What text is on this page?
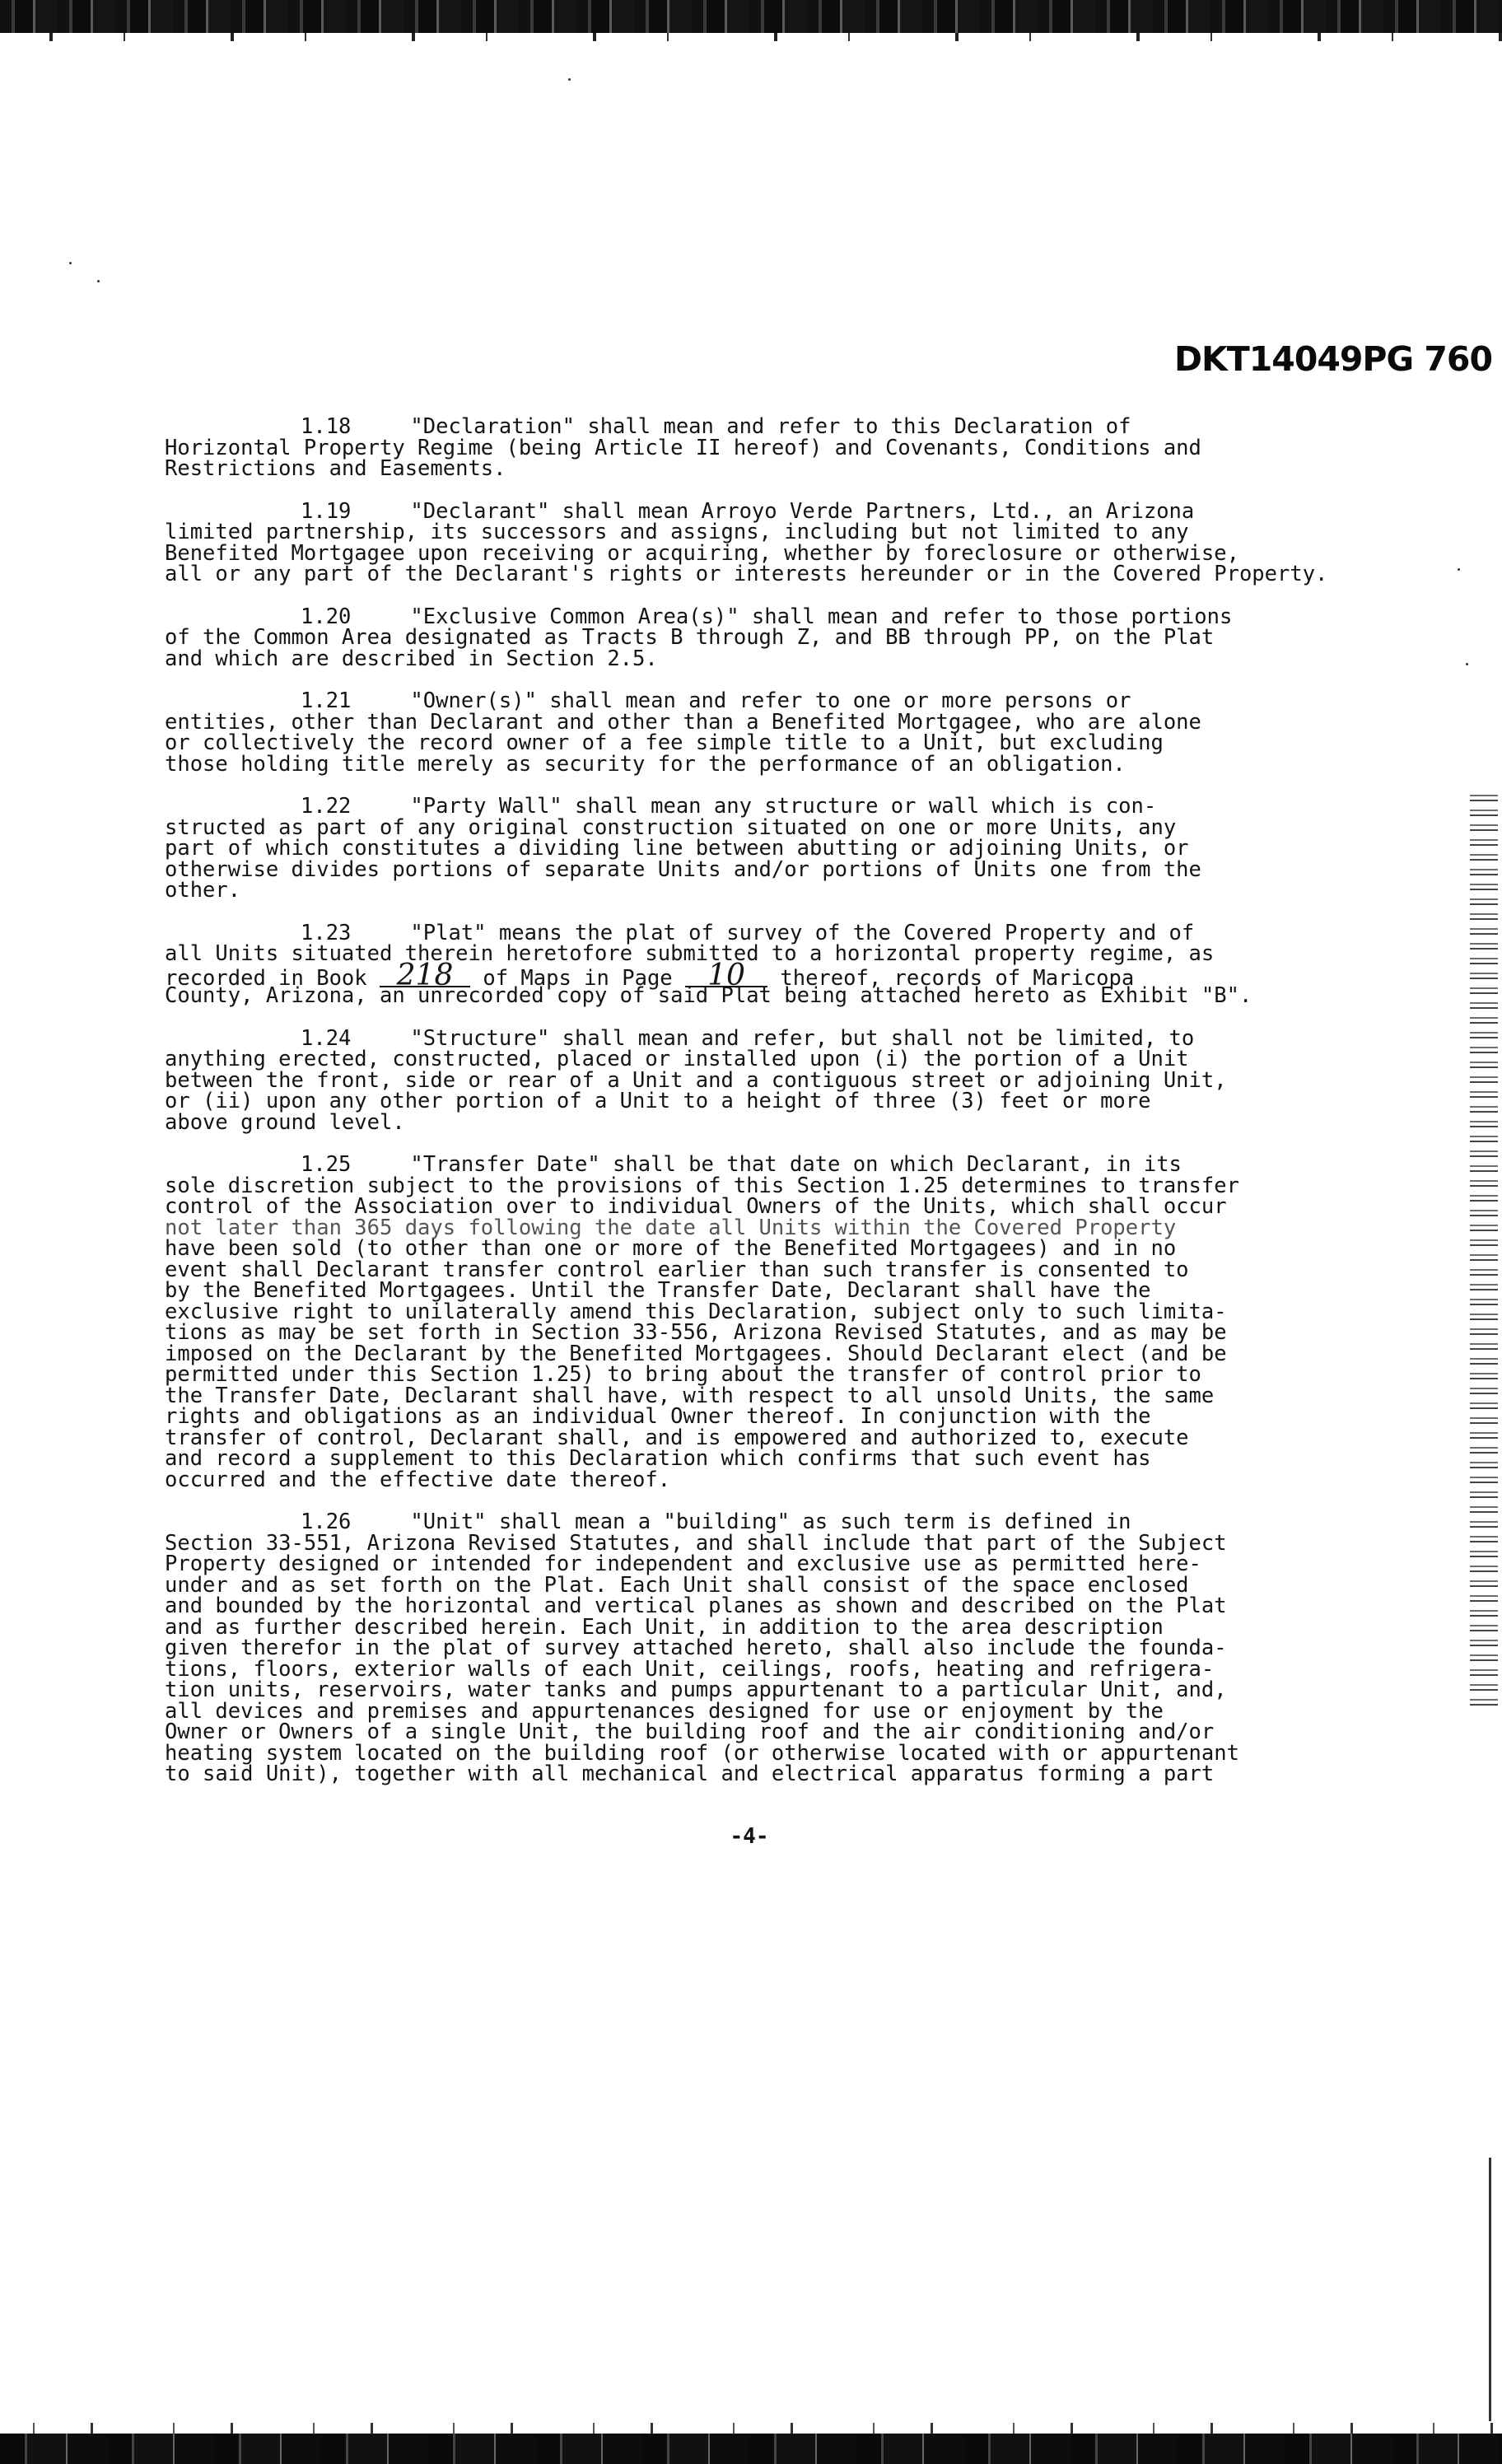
DKT14049PG 760
1.18	"Declaration" shall mean and refer to this Declaration of
Horizontal Property Regime (being Article II hereof) and Covenants, Conditions and
Restrictions and Easements.
1.19	"Declarant" shall mean Arroyo Verde Partners, Ltd., an Arizona
limited partnership, its successors and assigns, including but not limited to any
Benefited Mortgagee upon receiving or acquiring, whether by foreclosure or otherwise,
all or any part of the Declarant's rights or interests hereunder or in the Covered Property.
1.20	"Exclusive Common Area(s)" shall mean and refer to those portions
of the Common Area designated as Tracts B through Z, and BB through PP, on the Plat
and which are described in Section 2.5.
1.21	"Owner(s)" shall mean and refer to one or more persons or
entities, other than Declarant and other than a Benefited Mortgagee, who are alone
or collectively the record owner of a fee simple title to a Unit, but excluding
those holding title merely as security for the performance of an obligation.
1.22	"Party Wall" shall mean any structure or wall which is con-
structed as part of any original construction situated on one or more Units, any
part of which constitutes a dividing line between abutting or adjoining Units, or
otherwise divides portions of separate Units and/or portions of Units one from the
other.
1.23	"Plat" means the plat of survey of the Covered Property and of
all Units situated therein heretofore submitted to a horizontal property regime, as
recorded in Book 218 of Maps in Page 10 thereof, records of Maricopa
County, Arizona, an unrecorded copy of said Plat being attached hereto as Exhibit "B".
1.24	"Structure" shall mean and refer, but shall not be limited, to
anything erected, constructed, placed or installed upon (i) the portion of a Unit
between the front, side or rear of a Unit and a contiguous street or adjoining Unit,
or (ii) upon any other portion of a Unit to a height of three (3) feet or more
above ground level.
1.25	"Transfer Date" shall be that date on which Declarant, in its
sole discretion subject to the provisions of this Section 1.25 determines to transfer
control of the Association over to individual Owners of the Units, which shall occur
not later than 365 days following the date all Units within the Covered Property
have been sold (to other than one or more of the Benefited Mortgagees) and in no
event shall Declarant transfer control earlier than such transfer is consented to
by the Benefited Mortgagees. Until the Transfer Date, Declarant shall have the
exclusive right to unilaterally amend this Declaration, subject only to such limita-
tions as may be set forth in Section 33-556, Arizona Revised Statutes, and as may be
imposed on the Declarant by the Benefited Mortgagees. Should Declarant elect (and be
permitted under this Section 1.25) to bring about the transfer of control prior to
the Transfer Date, Declarant shall have, with respect to all unsold Units, the same
rights and obligations as an individual Owner thereof. In conjunction with the
transfer of control, Declarant shall, and is empowered and authorized to, execute
and record a supplement to this Declaration which confirms that such event has
occurred and the effective date thereof.
1.26	"Unit" shall mean a "building" as such term is defined in
Section 33-551, Arizona Revised Statutes, and shall include that part of the Subject
Property designed or intended for independent and exclusive use as permitted here-
under and as set forth on the Plat. Each Unit shall consist of the space enclosed
and bounded by the horizontal and vertical planes as shown and described on the Plat
and as further described herein. Each Unit, in addition to the area description
given therefor in the plat of survey attached hereto, shall also include the founda-
tions, floors, exterior walls of each Unit, ceilings, roofs, heating and refrigera-
tion units, reservoirs, water tanks and pumps appurtenant to a particular Unit, and,
all devices and premises and appurtenances designed for use or enjoyment by the
Owner or Owners of a single Unit, the building roof and the air conditioning and/or
heating system located on the building roof (or otherwise located with or appurtenant
to said Unit), together with all mechanical and electrical apparatus forming a part
-4-
